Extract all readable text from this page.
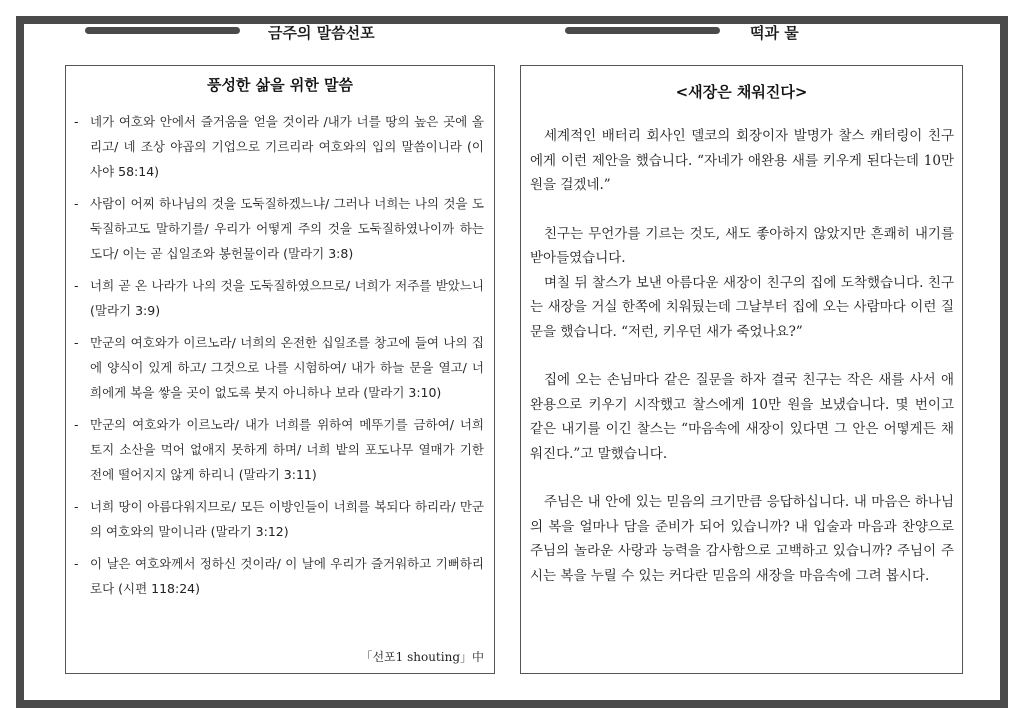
금주의 말씀선포	떡과 물
풍성한 삶을 위한 말씀
- 네가 여호와 안에서 즐거움을 얻을 것이라 /내가 너를 땅의 높은 곳에 올리고/ 네 조상 야곱의 기업으로 기르리라 여호와의 입의 말씀이니라 (이사야 58:14)
- 사람이 어찌 하나님의 것을 도둑질하겠느냐/ 그러나 너희는 나의 것을 도둑질하고도 말하기를/ 우리가 어떻게 주의 것을 도둑질하였나이까 하는도다/ 이는 곧 십일조와 봉헌물이라 (말라기 3:8)
- 너희 곧 온 나라가 나의 것을 도둑질하였으므로/ 너희가 저주를 받았느니 (말라기 3:9)
- 만군의 여호와가 이르노라/ 너희의 온전한 십일조를 창고에 들여 나의 집에 양식이 있게 하고/ 그것으로 나를 시험하여/ 내가 하늘 문을 열고/ 너희에게 복을 쌓을 곳이 없도록 붓지 아니하나 보라 (말라기 3:10)
- 만군의 여호와가 이르노라/ 내가 너희를 위하여 메뚜기를 금하여/ 너희 토지 소산을 먹어 없애지 못하게 하며/ 너희 밭의 포도나무 열매가 기한 전에 떨어지지 않게 하리니 (말라기 3:11)
- 너희 땅이 아름다워지므로/ 모든 이방인들이 너희를 복되다 하리라/ 만군의 여호와의 말이니라 (말라기 3:12)
- 이 날은 여호와께서 정하신 것이라/ 이 날에 우리가 즐거워하고 기뻐하리로다 (시편 118:24)
「선포1 shouting」中
<새장은 채워진다>

세계적인 배터리 회사인 델코의 회장이자 발명가 찰스 캐터링이 친구에게 이런 제안을 했습니다. “자네가 애완용 새를 키우게 된다는데 10만 원을 걸겠네.”

친구는 무언가를 기르는 것도, 새도 좋아하지 않았지만 흔쾌히 내기를 받아들였습니다.

며칠 뒤 찰스가 보낸 아름다운 새장이 친구의 집에 도착했습니다. 친구는 새장을 거실 한쪽에 치워뒀는데 그날부터 집에 오는 사람마다 이런 질문을 했습니다. “저런, 키우던 새가 죽었나요?”

집에 오는 손님마다 같은 질문을 하자 결국 친구는 작은 새를 사서 애완용으로 키우기 시작했고 찰스에게 10만 원을 보냈습니다. 몇 번이고 같은 내기를 이긴 찰스는 “마음속에 새장이 있다면 그 안은 어떻게든 채워진다.”고 말했습니다.

주님은 내 안에 있는 믿음의 크기만큼 응답하십니다. 내 마음은 하나님의 복을 얼마나 담을 준비가 되어 있습니까? 내 입술과 마음과 찬양으로 주님의 놀라운 사랑과 능력을 감사함으로 고백하고 있습니까? 주님이 주시는 복을 누릴 수 있는 커다란 믿음의 새장을 마음속에 그려 봅시다.
